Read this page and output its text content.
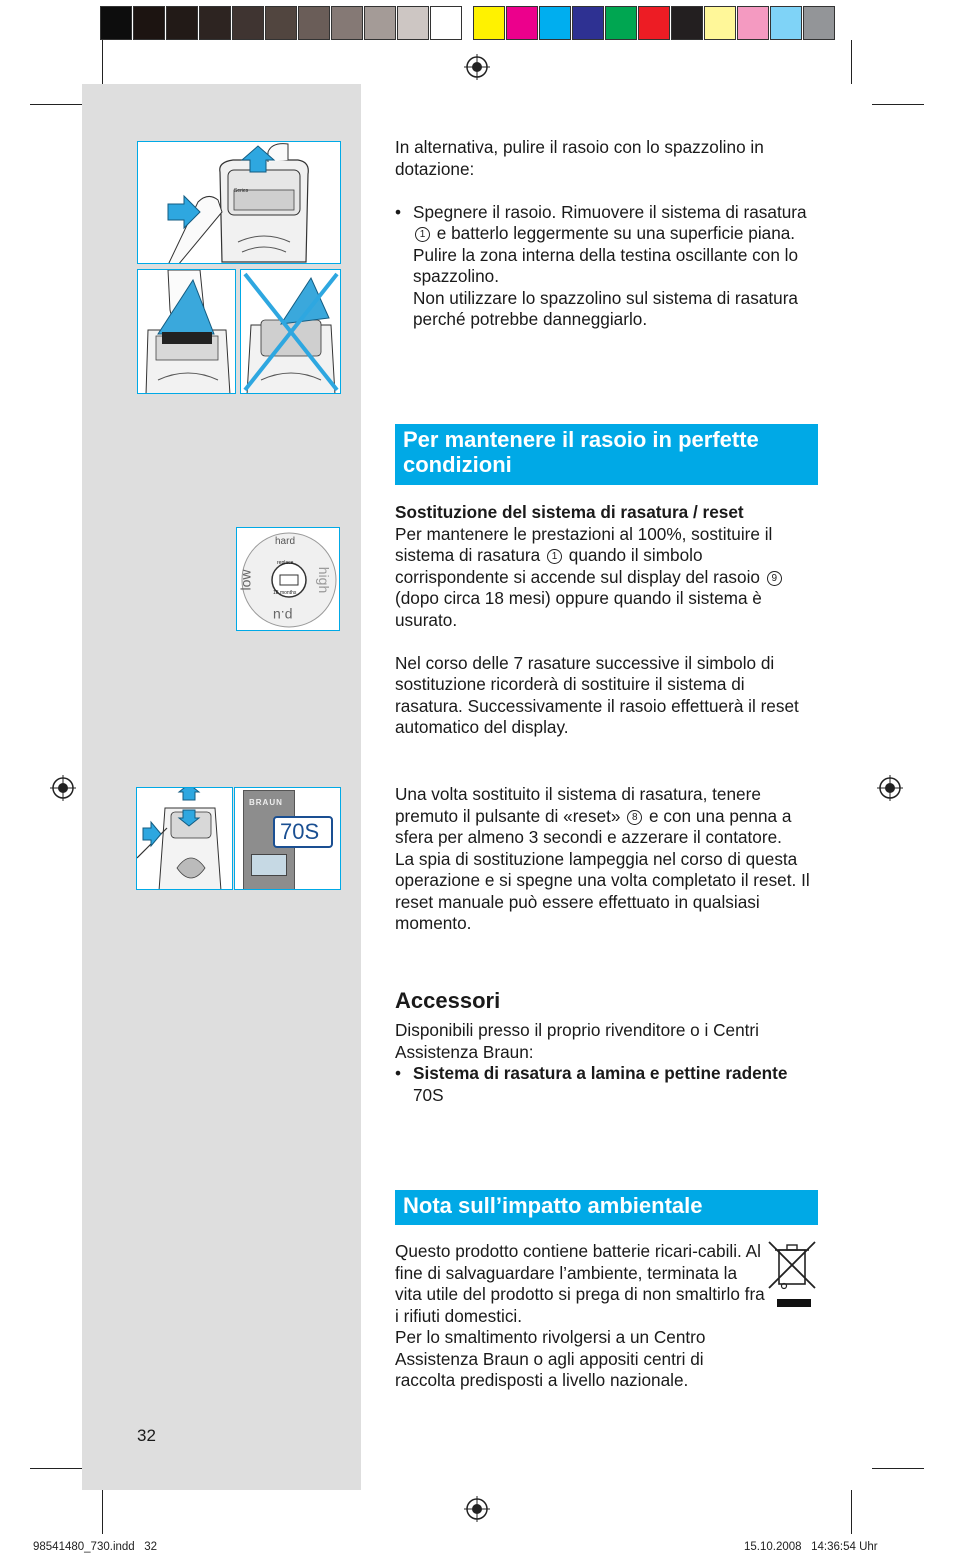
Series
hard
low	high
p.u
replace
18 months
BRAUN
70S
In alternativa, pulire il rasoio con lo spazzolino in dotazione:
• Spegnere il rasoio. Rimuovere il sistema di rasatura 1 e batterlo leggermente su una superficie piana. Pulire la zona interna della testina oscillante con lo spazzolino.
Non utilizzare lo spazzolino sul sistema di rasatura perché potrebbe danneggiarlo.
Per mantenere il rasoio in perfette condizioni
Sostituzione del sistema di rasatura / reset
Per mantenere le prestazioni al 100%, sostituire il sistema di rasatura 1 quando il simbolo corrispondente si accende sul display del rasoio 9 (dopo circa 18 mesi) oppure quando il sistema è usurato.
Nel corso delle 7 rasature successive il simbolo di sostituzione ricorderà di sostituire il sistema di rasatura. Successivamente il rasoio effettuerà il reset automatico del display.
Una volta sostituito il sistema di rasatura, tenere premuto il pulsante di «reset» 8 e con una penna a sfera per almeno 3 secondi e azzerare il contatore.
La spia di sostituzione lampeggia nel corso di questa operazione e si spegne una volta completato il reset. Il reset manuale può essere effettuato in qualsiasi momento.
Accessori
Disponibili presso il proprio rivenditore o i Centri Assistenza Braun:
• Sistema di rasatura a lamina e pettine radente 70S
Nota sull’impatto ambientale
Questo prodotto contiene batterie ricari-cabili. Al fine di salvaguardare l’ambiente, terminata la vita utile del prodotto si prega di non smaltirlo fra i rifiuti domestici.
Per lo smaltimento rivolgersi a un Centro Assistenza Braun o agli appositi centri di raccolta predisposti a livello nazionale.
32
98541480_730.indd   32	15.10.2008   14:36:54 Uhr
